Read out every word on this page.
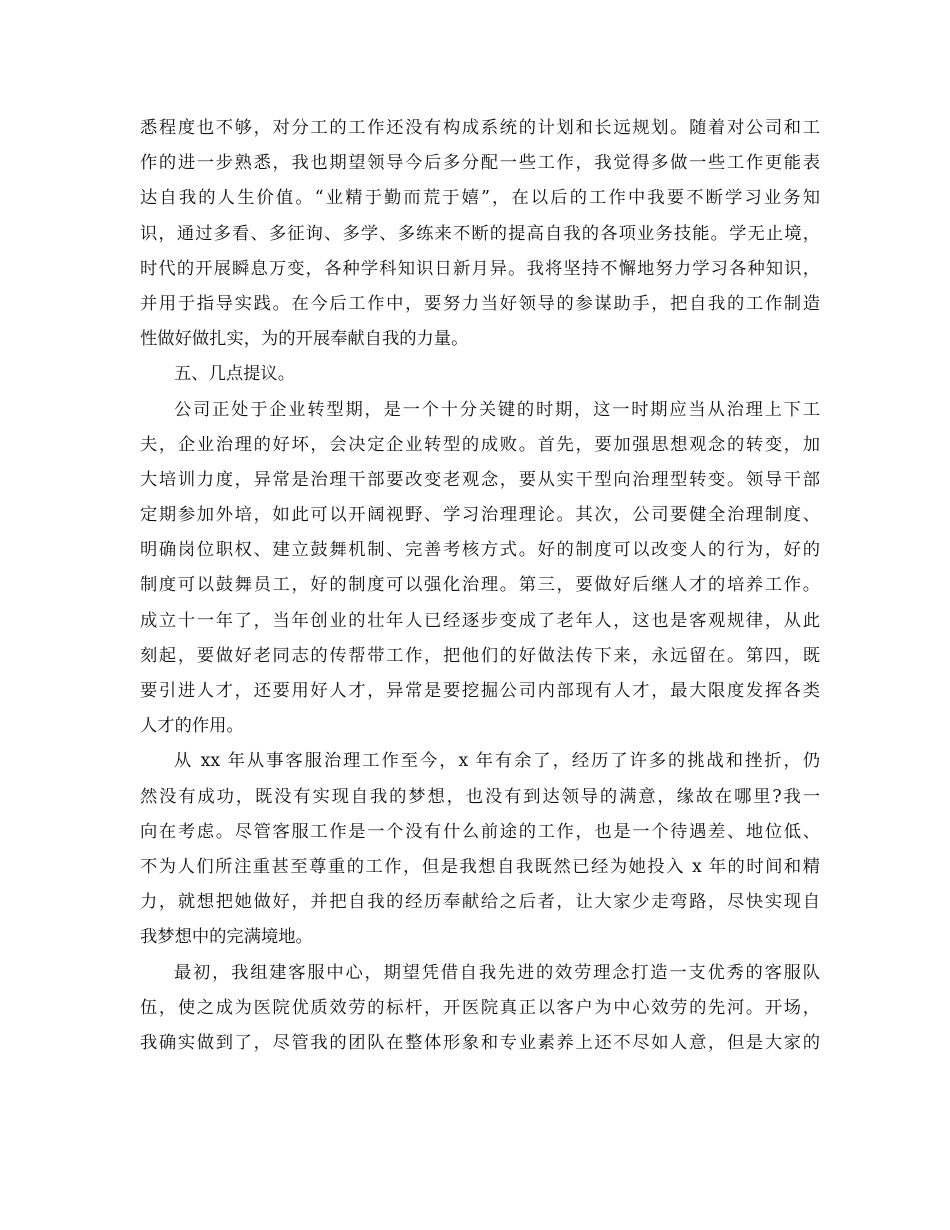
悉程度也不够，对分工的工作还没有构成系统的计划和长远规划。随着对公司和工
作的进一步熟悉，我也期望领导今后多分配一些工作，我觉得多做一些工作更能表
达自我的人生价值。“业精于勤而荒于嬉”，在以后的工作中我要不断学习业务知
识，通过多看、多征询、多学、多练来不断的提高自我的各项业务技能。学无止境，
时代的开展瞬息万变，各种学科知识日新月异。我将坚持不懈地努力学习各种知识，
并用于指导实践。在今后工作中，要努力当好领导的参谋助手，把自我的工作制造
性做好做扎实，为的开展奉献自我的力量。
五、几点提议。
公司正处于企业转型期，是一个十分关键的时期，这一时期应当从治理上下工
夫，企业治理的好坏，会决定企业转型的成败。首先，要加强思想观念的转变，加
大培训力度，异常是治理干部要改变老观念，要从实干型向治理型转变。领导干部
定期参加外培，如此可以开阔视野、学习治理理论。其次，公司要健全治理制度、
明确岗位职权、建立鼓舞机制、完善考核方式。好的制度可以改变人的行为，好的
制度可以鼓舞员工，好的制度可以强化治理。第三，要做好后继人才的培养工作。
成立十一年了，当年创业的壮年人已经逐步变成了老年人，这也是客观规律，从此
刻起，要做好老同志的传帮带工作，把他们的好做法传下来，永远留在。第四，既
要引进人才，还要用好人才，异常是要挖掘公司内部现有人才，最大限度发挥各类
人才的作用。
从 xx 年从事客服治理工作至今，x 年有余了，经历了许多的挑战和挫折，仍
然没有成功，既没有实现自我的梦想，也没有到达领导的满意，缘故在哪里?我一
向在考虑。尽管客服工作是一个没有什么前途的工作，也是一个待遇差、地位低、
不为人们所注重甚至尊重的工作，但是我想自我既然已经为她投入 x 年的时间和精
力，就想把她做好，并把自我的经历奉献给之后者，让大家少走弯路，尽快实现自
我梦想中的完满境地。
最初，我组建客服中心，期望凭借自我先进的效劳理念打造一支优秀的客服队
伍，使之成为医院优质效劳的标杆，开医院真正以客户为中心效劳的先河。开场，
我确实做到了，尽管我的团队在整体形象和专业素养上还不尽如人意，但是大家的
